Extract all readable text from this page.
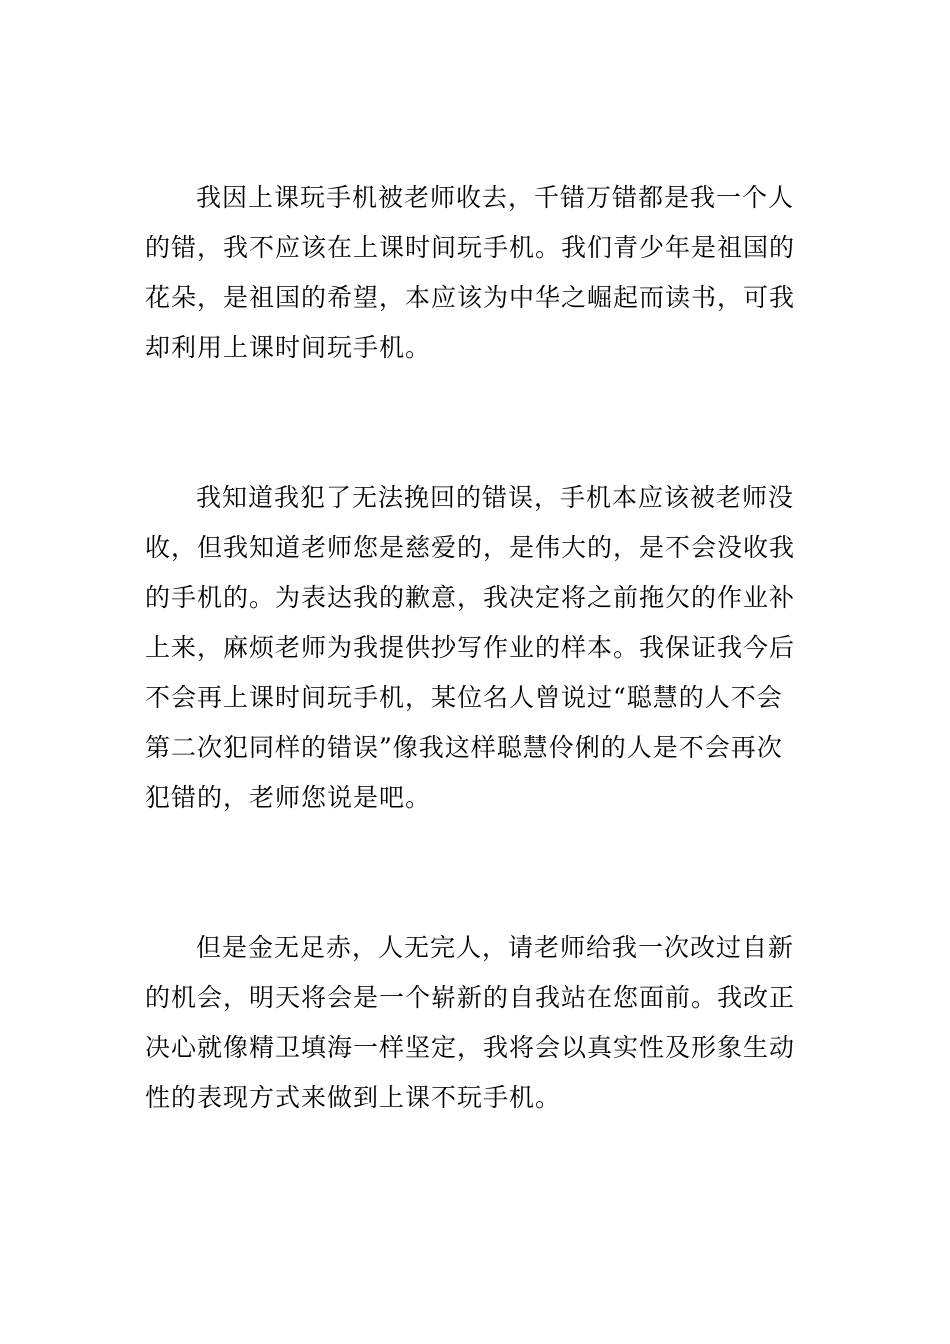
我因上课玩手机被老师收去，千错万错都是我一个人
的错，我不应该在上课时间玩手机。我们青少年是祖国的
花朵，是祖国的希望，本应该为中华之崛起而读书，可我
却利用上课时间玩手机。

我知道我犯了无法挽回的错误，手机本应该被老师没
收，但我知道老师您是慈爱的，是伟大的，是不会没收我
的手机的。为表达我的歉意，我决定将之前拖欠的作业补
上来，麻烦老师为我提供抄写作业的样本。我保证我今后
不会再上课时间玩手机，某位名人曾说过“聪慧的人不会
第二次犯同样的错误”像我这样聪慧伶俐的人是不会再次
犯错的，老师您说是吧。

但是金无足赤，人无完人，请老师给我一次改过自新
的机会，明天将会是一个崭新的自我站在您面前。我改正
决心就像精卫填海一样坚定，我将会以真实性及形象生动
性的表现方式来做到上课不玩手机。
